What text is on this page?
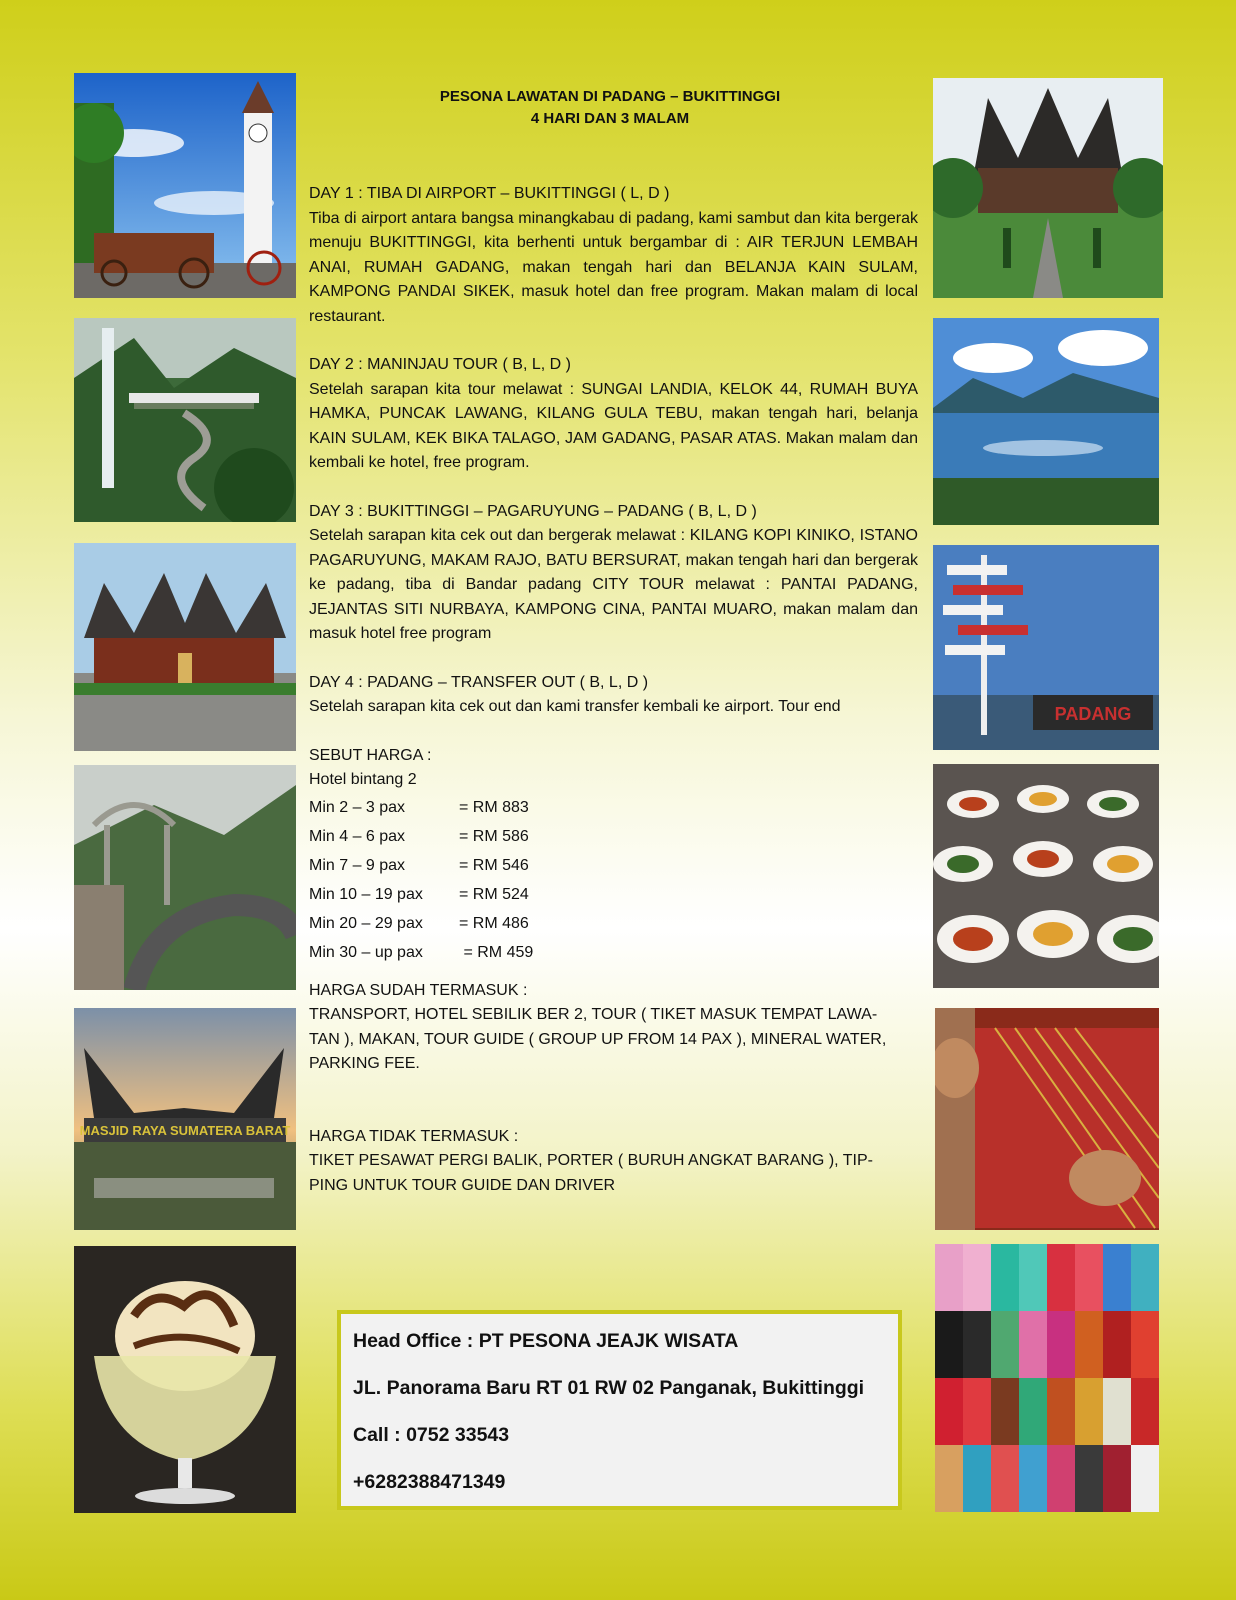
MASJID RAYA SUMATERA BARAT
PADANG
PESONA LAWATAN DI PADANG – BUKITTINGGI
4 HARI DAN 3 MALAM

DAY 1 : TIBA DI AIRPORT – BUKITTINGGI ( L, D )

Tiba di airport antara bangsa minangkabau di padang, kami sambut dan kita bergerak menuju BUKITTINGGI, kita berhenti untuk bergambar di : AIR TERJUN LEMBAH ANAI, RUMAH GADANG, makan tengah hari dan BELANJA KAIN SULAM, KAMPONG PANDAI SIKEK, masuk hotel dan free program. Makan malam di local restaurant.

DAY 2 : MANINJAU TOUR ( B, L, D )

Setelah sarapan kita tour melawat : SUNGAI LANDIA, KELOK 44, RUMAH BUYA HAMKA, PUNCAK LAWANG, KILANG GULA TEBU, makan tengah hari, belanja KAIN SULAM, KEK BIKA TALAGO, JAM GADANG, PASAR ATAS. Makan malam dan kembali ke hotel, free program.

DAY 3 : BUKITTINGGI – PAGARUYUNG – PADANG ( B, L, D )

Setelah sarapan kita cek out dan bergerak melawat : KILANG KOPI KINIKO, ISTANO PAGARUYUNG, MAKAM RAJO, BATU BERSURAT, makan tengah hari dan bergerak ke padang, tiba di Bandar padang CITY TOUR melawat : PANTAI PADANG, JEJANTAS SITI NURBAYA, KAMPONG CINA, PANTAI MUARO, makan malam dan masuk hotel free program

DAY 4 : PADANG – TRANSFER OUT ( B, L, D )

Setelah sarapan kita cek out dan kami transfer kembali ke airport. Tour end

SEBUT HARGA :

Hotel bintang 2

Min 2 – 3 pax	= RM 883
Min 4 – 6 pax	= RM 586
Min 7 – 9 pax	= RM 546
Min 10 – 19 pax	= RM 524
Min 20 – 29 pax	= RM 486
Min 30 – up pax	= RM 459

HARGA SUDAH TERMASUK :

TRANSPORT, HOTEL SEBILIK BER 2, TOUR ( TIKET MASUK TEMPAT LAWATAN ), MAKAN, TOUR GUIDE ( GROUP UP FROM 14 PAX ), MINERAL WATER, PARKING FEE.

HARGA TIDAK TERMASUK :

TIKET PESAWAT PERGI BALIK, PORTER ( BURUH ANGKAT BARANG ), TIPPING UNTUK TOUR GUIDE DAN DRIVER

Head Office : PT PESONA JEAJK WISATA
JL. Panorama Baru RT 01 RW 02 Panganak, Bukittinggi
Call : 0752 33543
+6282388471349
